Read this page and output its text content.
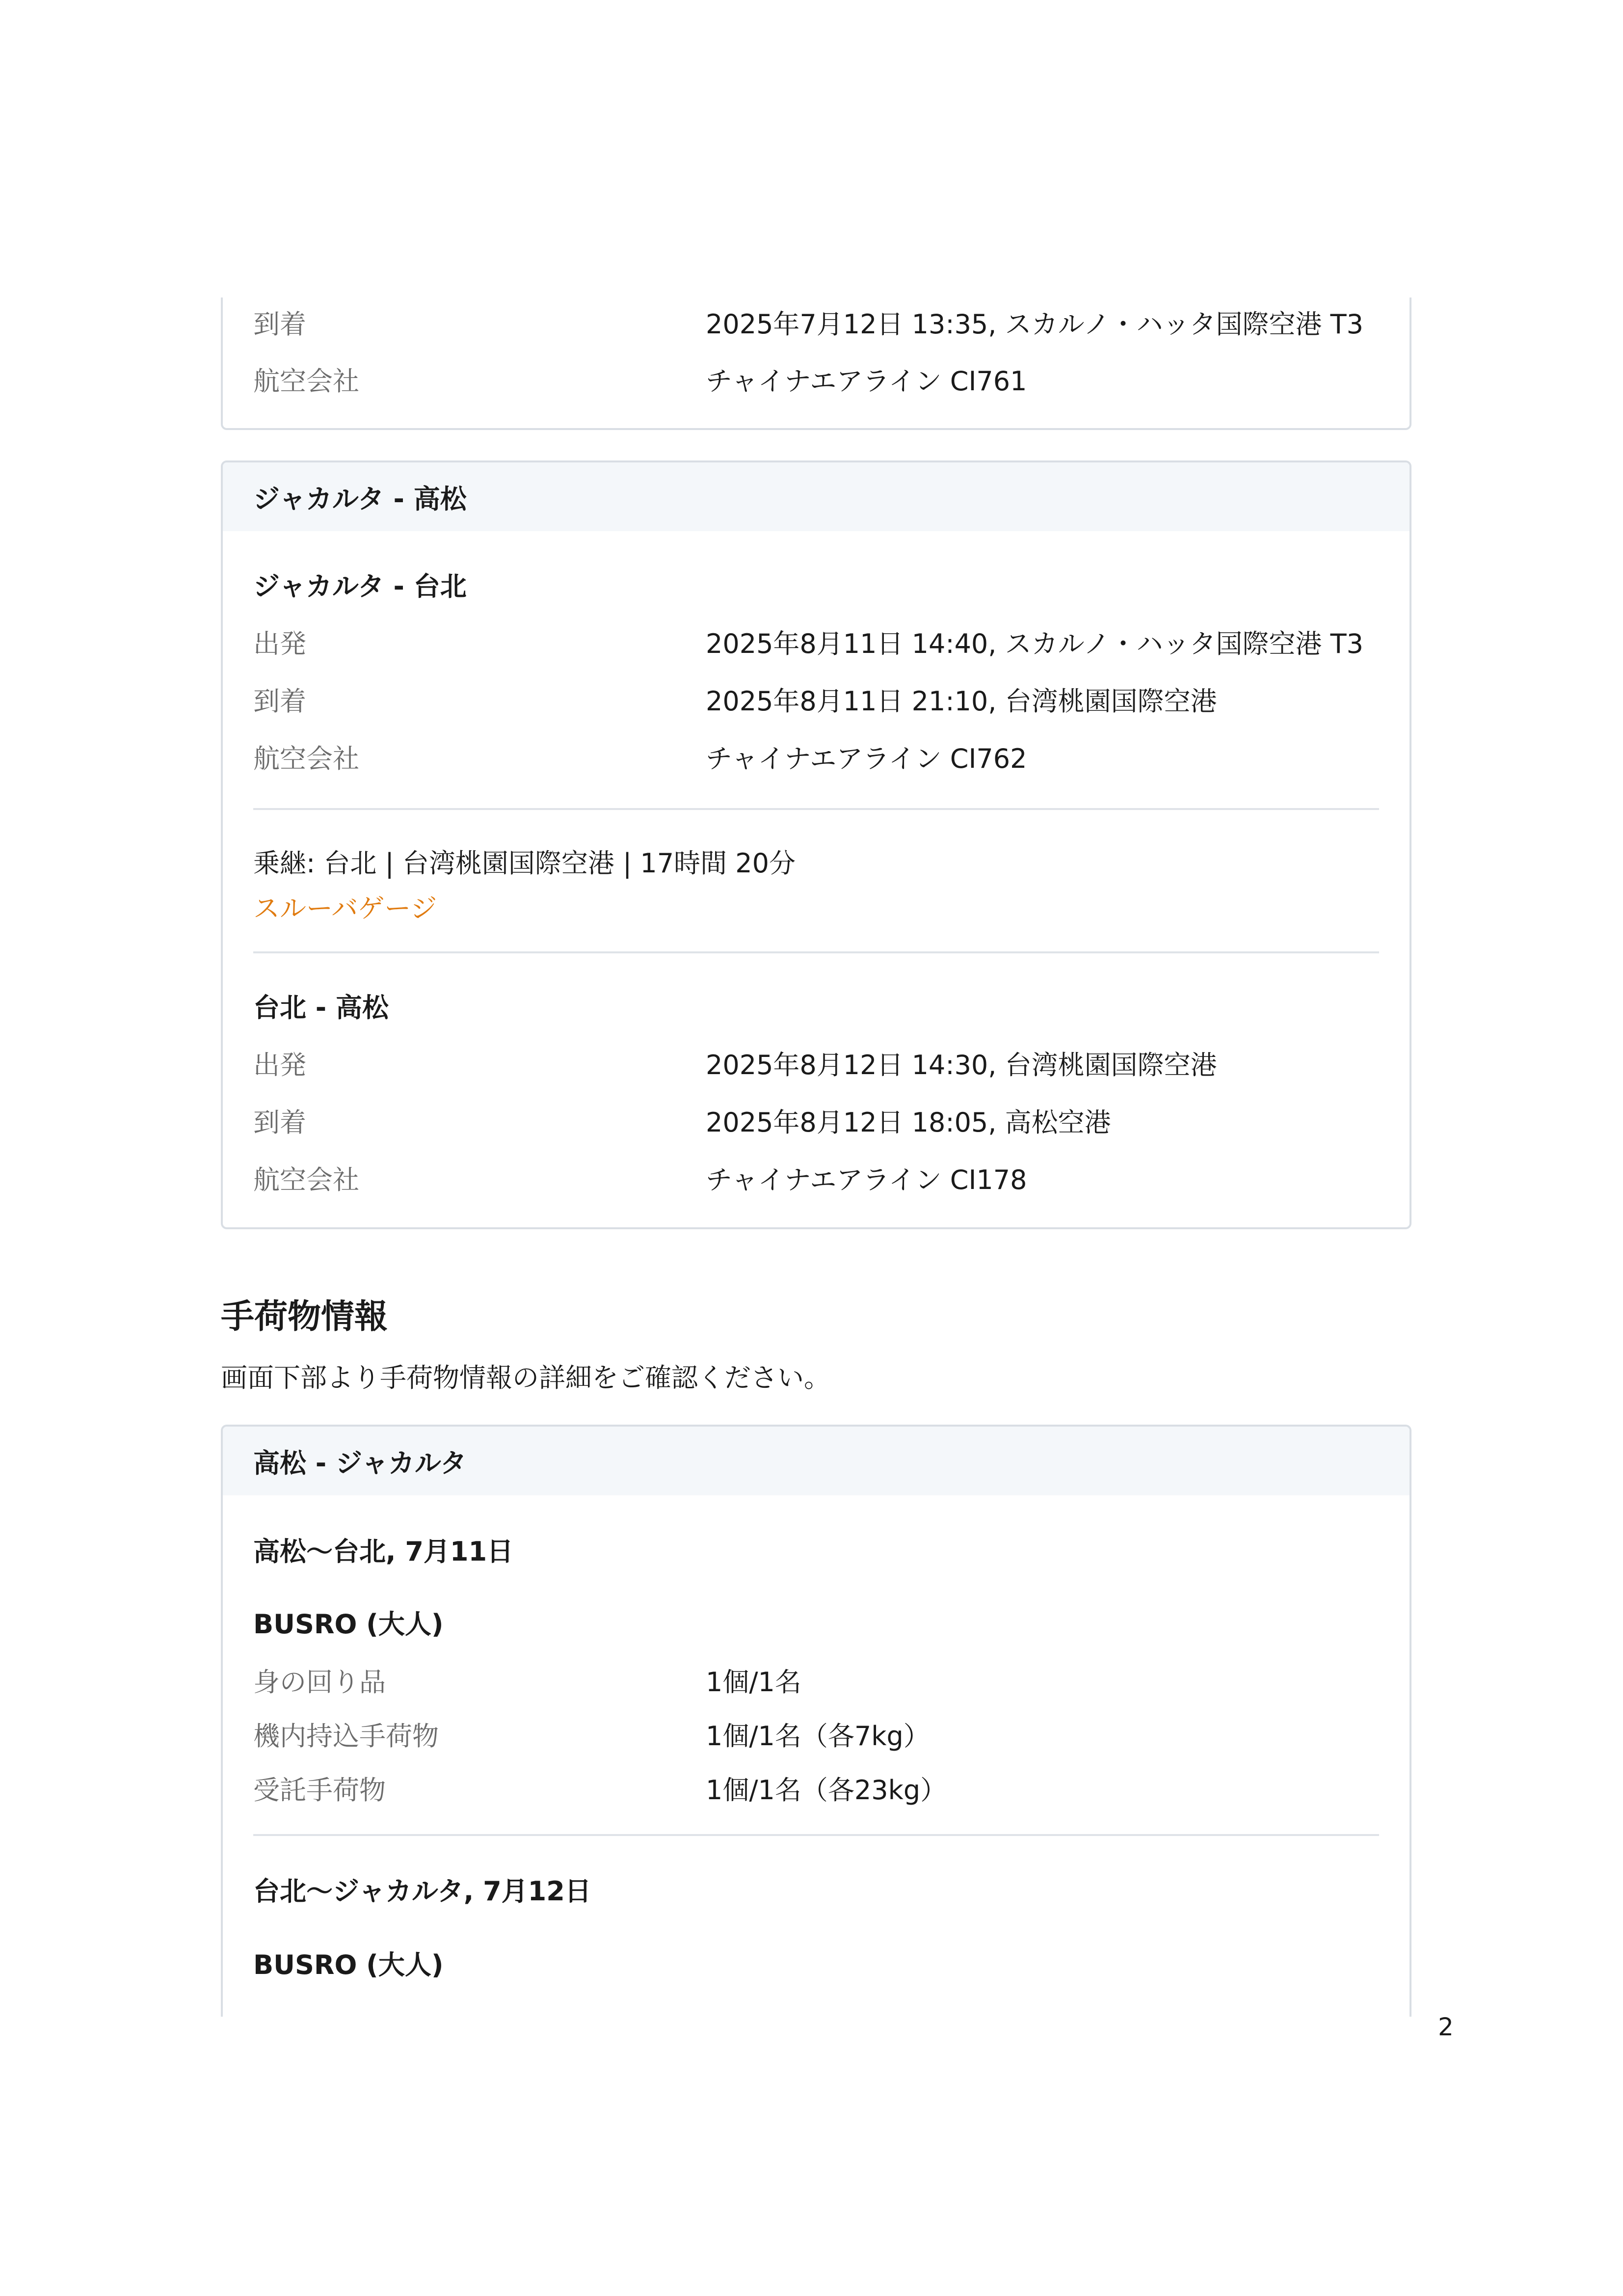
到着	2025年7月12日 13:35, スカルノ・ハッタ国際空港 T3
航空会社	チャイナエアライン CI761
ジャカルタ - 高松
ジャカルタ - 台北
出発	2025年8月11日 14:40, スカルノ・ハッタ国際空港 T3
到着	2025年8月11日 21:10, 台湾桃園国際空港
航空会社	チャイナエアライン CI762
乗継: 台北 | 台湾桃園国際空港 | 17時間 20分
スルーバゲージ
台北 - 高松
出発	2025年8月12日 14:30, 台湾桃園国際空港
到着	2025年8月12日 18:05, 高松空港
航空会社	チャイナエアライン CI178
手荷物情報
画面下部より手荷物情報の詳細をご確認ください。
高松 - ジャカルタ
高松〜台北, 7月11日
BUSRO (大人)
身の回り品	1個/1名
機内持込手荷物	1個/1名（各7kg）
受託手荷物	1個/1名（各23kg）
台北〜ジャカルタ, 7月12日
BUSRO (大人)
2
